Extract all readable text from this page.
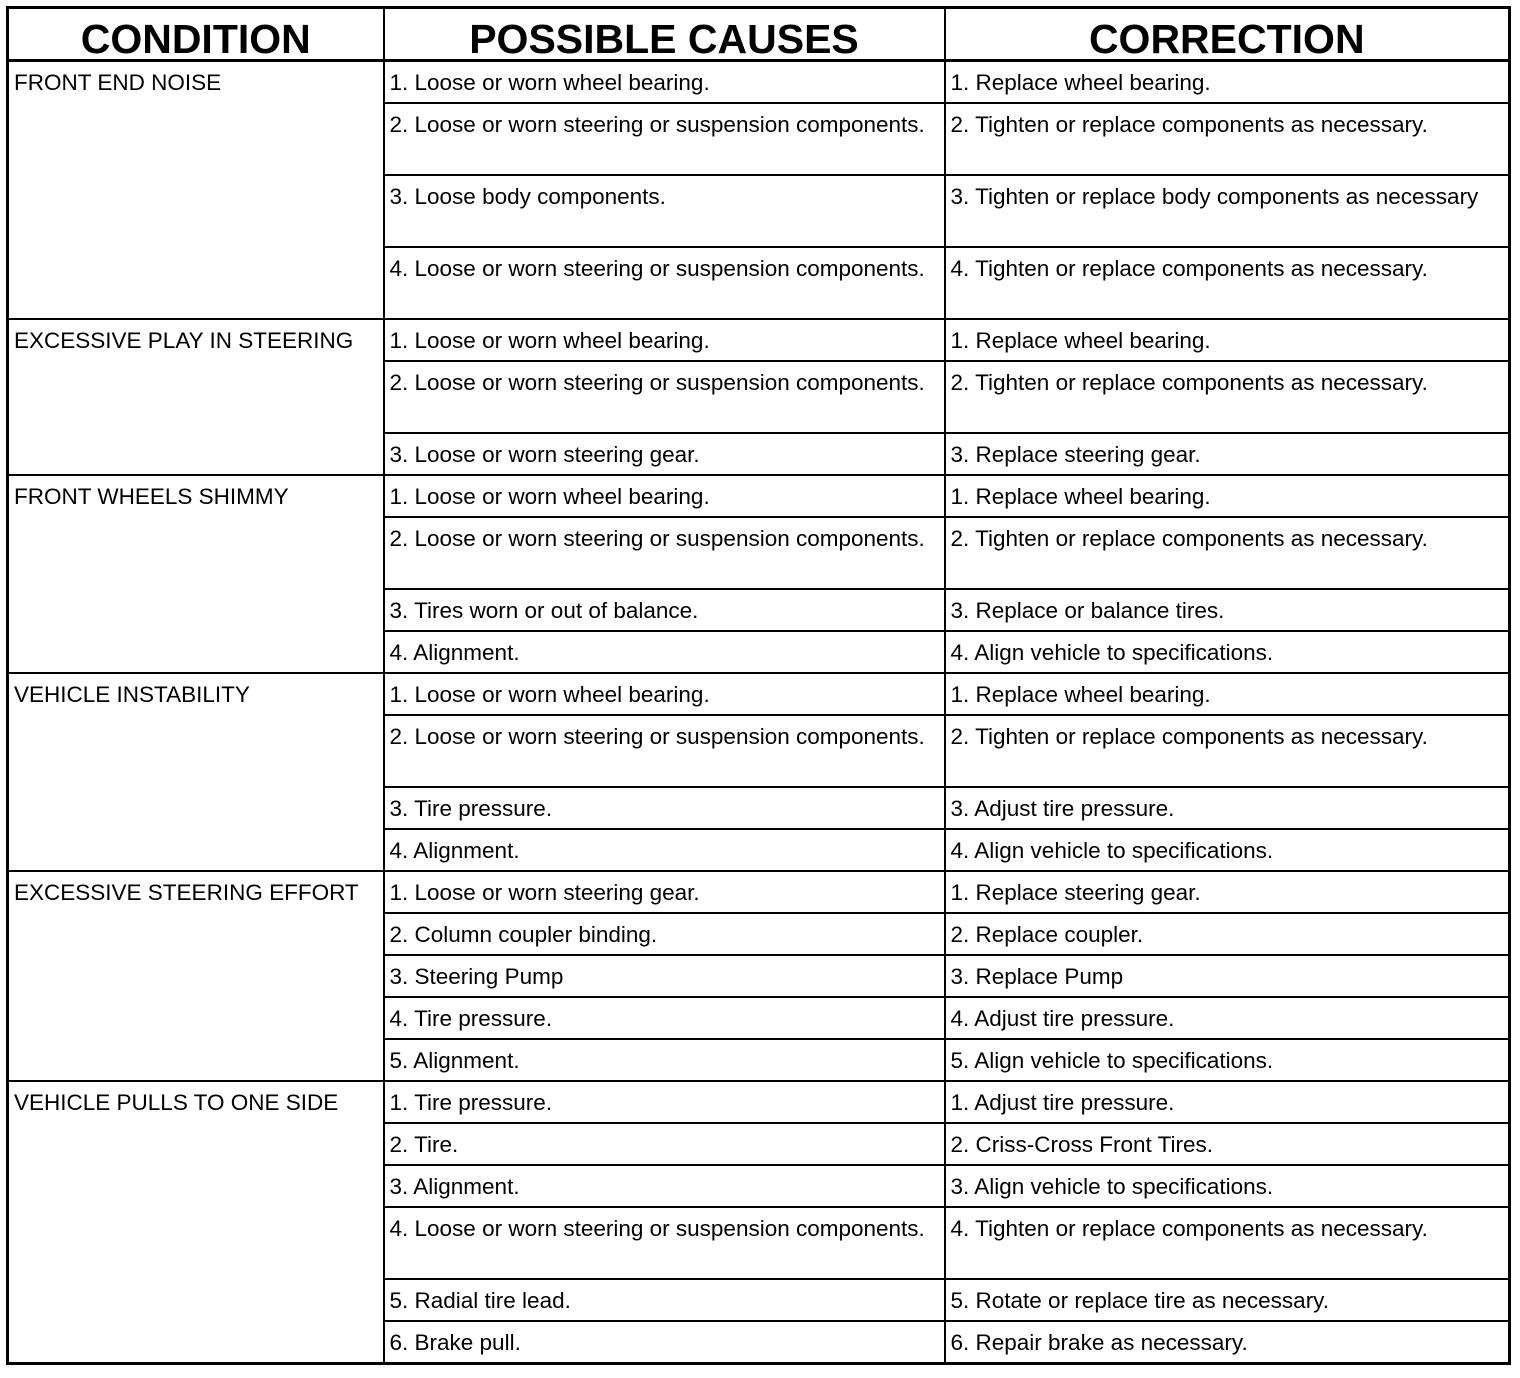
CONDITION	POSSIBLE CAUSES	CORRECTION
FRONT END NOISE	1. Loose or worn wheel bearing.	1. Replace wheel bearing.
	2. Loose or worn steering or suspension components.	2. Tighten or replace components as necessary.
	3. Loose body components.	3. Tighten or replace body components as necessary
	4. Loose or worn steering or suspension components.	4. Tighten or replace components as necessary.
EXCESSIVE PLAY IN STEERING	1. Loose or worn wheel bearing.	1. Replace wheel bearing.
	2. Loose or worn steering or suspension components.	2. Tighten or replace components as necessary.
	3. Loose or worn steering gear.	3. Replace steering gear.
FRONT WHEELS SHIMMY	1. Loose or worn wheel bearing.	1. Replace wheel bearing.
	2. Loose or worn steering or suspension components.	2. Tighten or replace components as necessary.
	3. Tires worn or out of balance.	3. Replace or balance tires.
	4. Alignment.	4. Align vehicle to specifications.
VEHICLE INSTABILITY	1. Loose or worn wheel bearing.	1. Replace wheel bearing.
	2. Loose or worn steering or suspension components.	2. Tighten or replace components as necessary.
	3. Tire pressure.	3. Adjust tire pressure.
	4. Alignment.	4. Align vehicle to specifications.
EXCESSIVE STEERING EFFORT	1. Loose or worn steering gear.	1. Replace steering gear.
	2. Column coupler binding.	2. Replace coupler.
	3. Steering Pump	3. Replace Pump
	4. Tire pressure.	4. Adjust tire pressure.
	5. Alignment.	5. Align vehicle to specifications.
VEHICLE PULLS TO ONE SIDE	1. Tire pressure.	1. Adjust tire pressure.
	2. Tire.	2. Criss-Cross Front Tires.
	3. Alignment.	3. Align vehicle to specifications.
	4. Loose or worn steering or suspension components.	4. Tighten or replace components as necessary.
	5. Radial tire lead.	5. Rotate or replace tire as necessary.
	6. Brake pull.	6. Repair brake as necessary.
